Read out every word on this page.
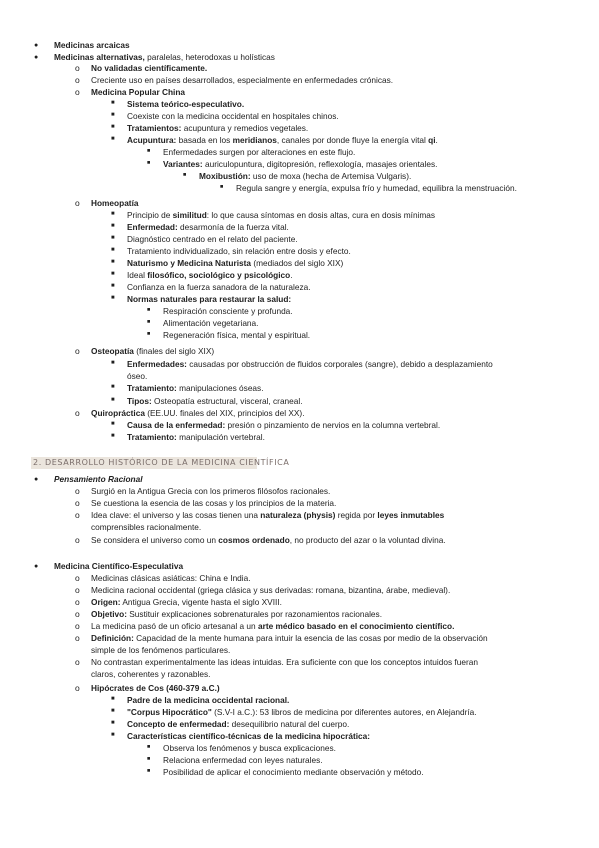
● Medicinas arcaicas
● Medicinas alternativas, paralelas, heterodoxas u holísticas
o No validadas científicamente.
o Creciente uso en países desarrollados, especialmente en enfermedades crónicas.
o Medicina Popular China
■ Sistema teórico-especulativo.
■ Coexiste con la medicina occidental en hospitales chinos.
■ Tratamientos: acupuntura y remedios vegetales.
■ Acupuntura: basada en los meridianos, canales por donde fluye la energía vital qi.
■ Enfermedades surgen por alteraciones en este flujo.
■ Variantes: auriculopuntura, digitopresión, reflexología, masajes orientales.
■ Moxibustión: uso de moxa (hecha de Artemisa Vulgaris).
■ Regula sangre y energía, expulsa frío y humedad, equilibra la menstruación.
o Homeopatía
■ Principio de similitud: lo que causa síntomas en dosis altas, cura en dosis mínimas
■ Enfermedad: desarmonía de la fuerza vital.
■ Diagnóstico centrado en el relato del paciente.
■ Tratamiento individualizado, sin relación entre dosis y efecto.
■ Naturismo y Medicina Naturista (mediados del siglo XIX)
■ Ideal filosófico, sociológico y psicológico.
■ Confianza en la fuerza sanadora de la naturaleza.
■ Normas naturales para restaurar la salud:
■ Respiración consciente y profunda.
■ Alimentación vegetariana.
■ Regeneración física, mental y espiritual.
o Osteopatía (finales del siglo XIX)
■ Enfermedades: causadas por obstrucción de fluidos corporales (sangre), debido a desplazamiento
óseo.
■ Tratamiento: manipulaciones óseas.
■ Tipos: Osteopatía estructural, visceral, craneal.
o Quiropráctica (EE.UU. finales del XIX, principios del XX).
■ Causa de la enfermedad: presión o pinzamiento de nervios en la columna vertebral.
■ Tratamiento: manipulación vertebral.
2. DESARROLLO HISTÓRICO DE LA MEDICINA CIENTÍFICA
● Pensamiento Racional
o Surgió en la Antigua Grecia con los primeros filósofos racionales.
o Se cuestiona la esencia de las cosas y los principios de la materia.
o Idea clave: el universo y las cosas tienen una naturaleza (physis) regida por leyes inmutables
comprensibles racionalmente.
o Se considera el universo como un cosmos ordenado, no producto del azar o la voluntad divina.
● Medicina Científico-Especulativa
o Medicinas clásicas asiáticas: China e India.
o Medicina racional occidental (griega clásica y sus derivadas: romana, bizantina, árabe, medieval).
o Origen: Antigua Grecia, vigente hasta el siglo XVIII.
o Objetivo: Sustituir explicaciones sobrenaturales por razonamientos racionales.
o La medicina pasó de un oficio artesanal a un arte médico basado en el conocimiento científico.
o Definición: Capacidad de la mente humana para intuir la esencia de las cosas por medio de la observación
simple de los fenómenos particulares.
o No contrastan experimentalmente las ideas intuidas. Era suficiente con que los conceptos intuidos fueran
claros, coherentes y razonables.
o Hipócrates de Cos (460-379 a.C.)
■ Padre de la medicina occidental racional.
■ "Corpus Hipocrático" (S.V-I a.C.): 53 libros de medicina por diferentes autores, en Alejandría.
■ Concepto de enfermedad: desequilibrio natural del cuerpo.
■ Características científico-técnicas de la medicina hipocrática:
■ Observa los fenómenos y busca explicaciones.
■ Relaciona enfermedad con leyes naturales.
■ Posibilidad de aplicar el conocimiento mediante observación y método.
